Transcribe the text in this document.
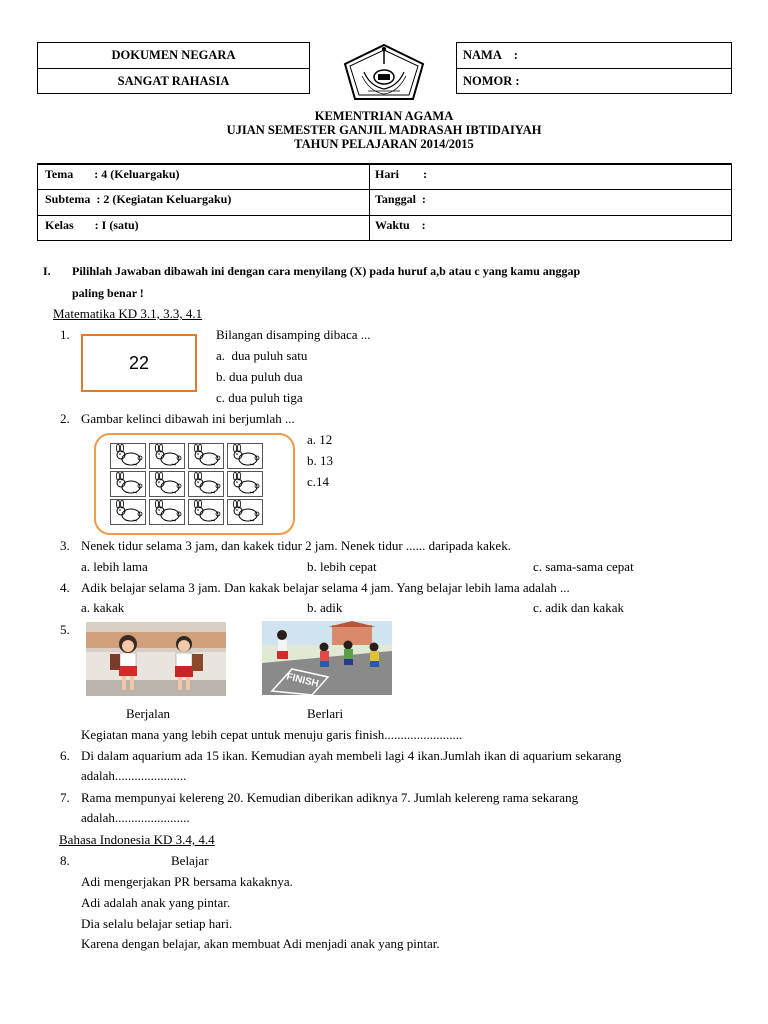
DOKUMEN NEGARA
SANGAT RAHASIA
NAMA    :
NOMOR :
KEMENTRIAN AGAMA
UJIAN SEMESTER GANJIL MADRASAH IBTIDAIYAH
TAHUN PELAJARAN 2014/2015
Tema       : 4 (Keluargaku)	Hari        :
Subtema  : 2 (Kegiatan Keluargaku)	Tanggal  :
Kelas       : I (satu)	Waktu    :
I. Pilihlah Jawaban dibawah ini dengan cara menyilang (X) pada huruf a,b atau c yang kamu anggap
paling benar !
Matematika KD 3.1, 3.3, 4.1
1.
22
Bilangan disamping dibaca ...
a.  dua puluh satu
b. dua puluh dua
c. dua puluh tiga
2. Gambar kelinci dibawah ini berjumlah ...
a. 12
b. 13
c.14
3. Nenek tidur selama 3 jam, dan kakek tidur 2 jam. Nenek tidur ...... daripada kakek.
a. lebih lama	b. lebih cepat	c. sama-sama cepat
4. Adik belajar selama 3 jam. Dan kakak belajar selama 4 jam. Yang belajar lebih lama adalah ...
a. kakak	b. adik	c. adik dan kakak
5.
FINISH
Berjalan	Berlari
Kegiatan mana yang lebih cepat untuk menuju garis finish........................
6. Di dalam aquarium ada 15 ikan. Kemudian ayah membeli lagi 4 ikan.Jumlah ikan di aquarium sekarang
adalah......................
7. Rama mempunyai kelereng 20. Kemudian diberikan adiknya 7. Jumlah kelereng rama sekarang
adalah.......................
Bahasa Indonesia KD 3.4, 4.4
8.	Belajar
Adi mengerjakan PR bersama kakaknya.
Adi adalah anak yang pintar.
Dia selalu belajar setiap hari.
Karena dengan belajar, akan membuat Adi menjadi anak yang pintar.
